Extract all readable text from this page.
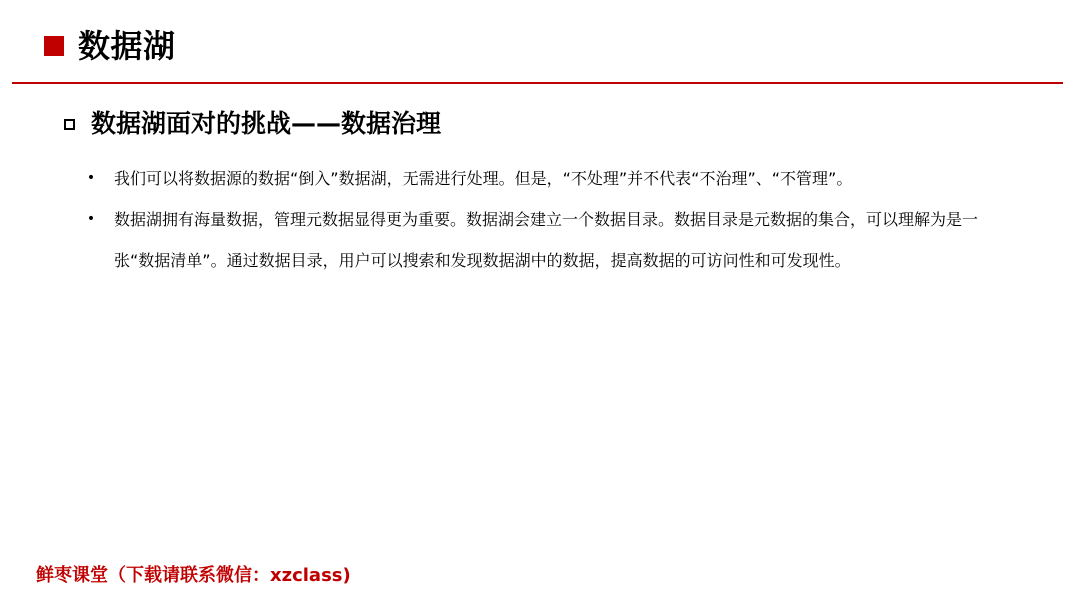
数据湖
数据湖面对的挑战——数据治理
• 我们可以将数据源的数据“倒入”数据湖，无需进行处理。但是，“不处理”并不代表“不治理”、“不管理”。
• 数据湖拥有海量数据，管理元数据显得更为重要。数据湖会建立一个数据目录。数据目录是元数据的集合，可以理解为是一张“数据清单”。通过数据目录，用户可以搜索和发现数据湖中的数据，提高数据的可访问性和可发现性。
鲜枣课堂（下载请联系微信：xzclass)
